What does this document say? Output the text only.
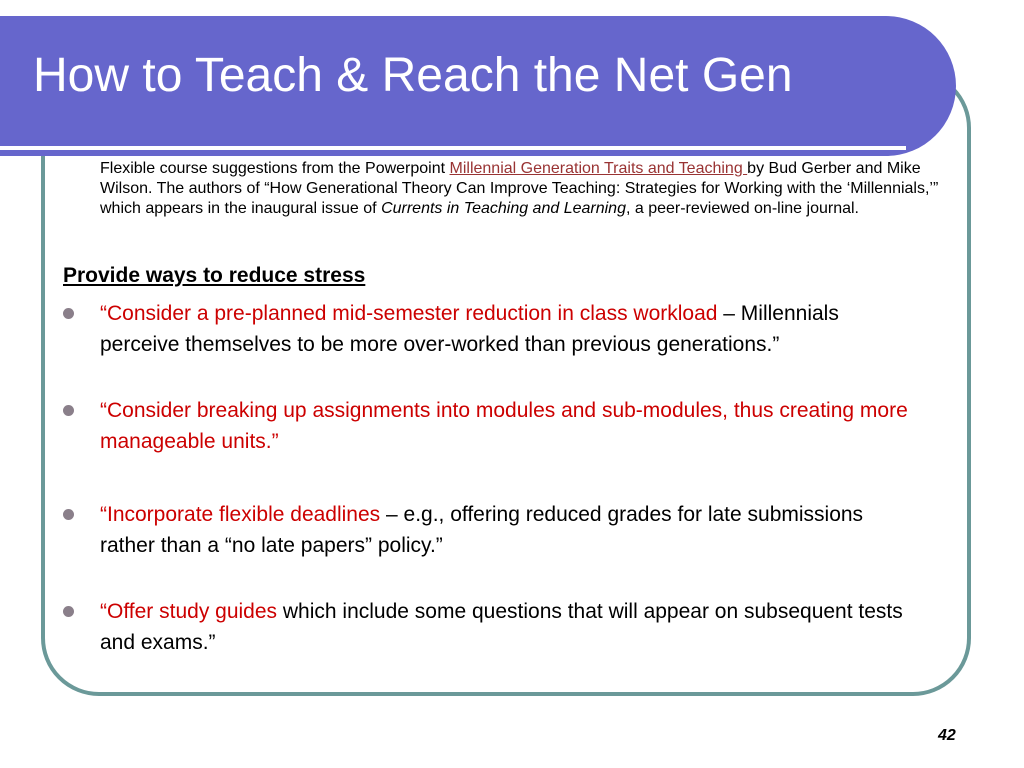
How to Teach & Reach the Net Gen
Flexible course suggestions from the Powerpoint Millennial Generation Traits and Teaching by Bud Gerber and Mike Wilson. The authors of “How Generational Theory Can Improve Teaching: Strategies for Working with the ‘Millennials,’” which appears in the inaugural issue of Currents in Teaching and Learning, a peer-reviewed on-line journal.
Provide ways to reduce stress
“Consider a pre-planned mid-semester reduction in class workload – Millennials perceive themselves to be more over-worked than previous generations.”
“Consider breaking up assignments into modules and sub-modules, thus creating more manageable units.”
“Incorporate flexible deadlines – e.g., offering reduced grades for late submissions rather than a “no late papers” policy.”
“Offer study guides which include some questions that will appear on subsequent tests and exams.”
42
